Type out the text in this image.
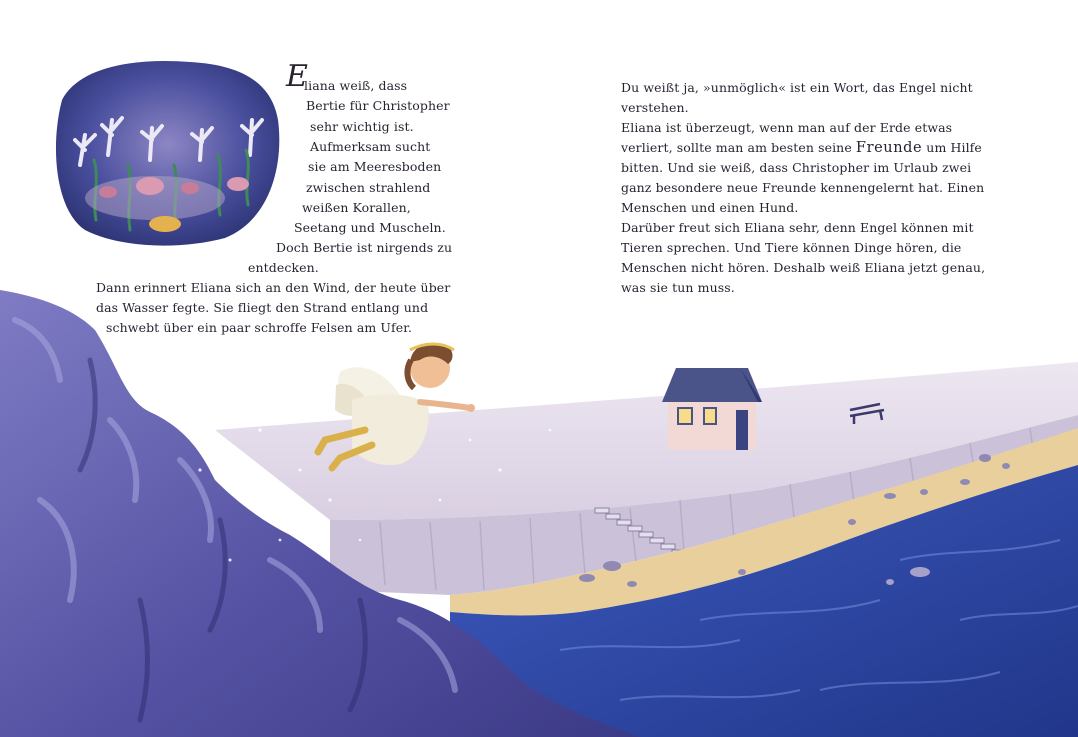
E
liana weiß, dass
Bertie für Christopher
sehr wichtig ist.
Aufmerksam sucht
sie am Meeresboden
zwischen strahlend
weißen Korallen,
Seetang und Muscheln.
Doch Bertie ist nirgends zu
entdecken.
Dann erinnert Eliana sich an den Wind, der heute über
das Wasser fegte. Sie fliegt den Strand entlang und
schwebt über ein paar schroffe Felsen am Ufer.
Du weißt ja, »unmöglich« ist ein Wort, das Engel nicht
verstehen.
Eliana ist überzeugt, wenn man auf der Erde etwas
verliert, sollte man am besten seine Freunde um Hilfe
bitten. Und sie weiß, dass Christopher im Urlaub zwei
ganz besondere neue Freunde kennengelernt hat. Einen
Menschen und einen Hund.
Darüber freut sich Eliana sehr, denn Engel können mit
Tieren sprechen. Und Tiere können Dinge hören, die
Menschen nicht hören. Deshalb weiß Eliana jetzt genau,
was sie tun muss.
